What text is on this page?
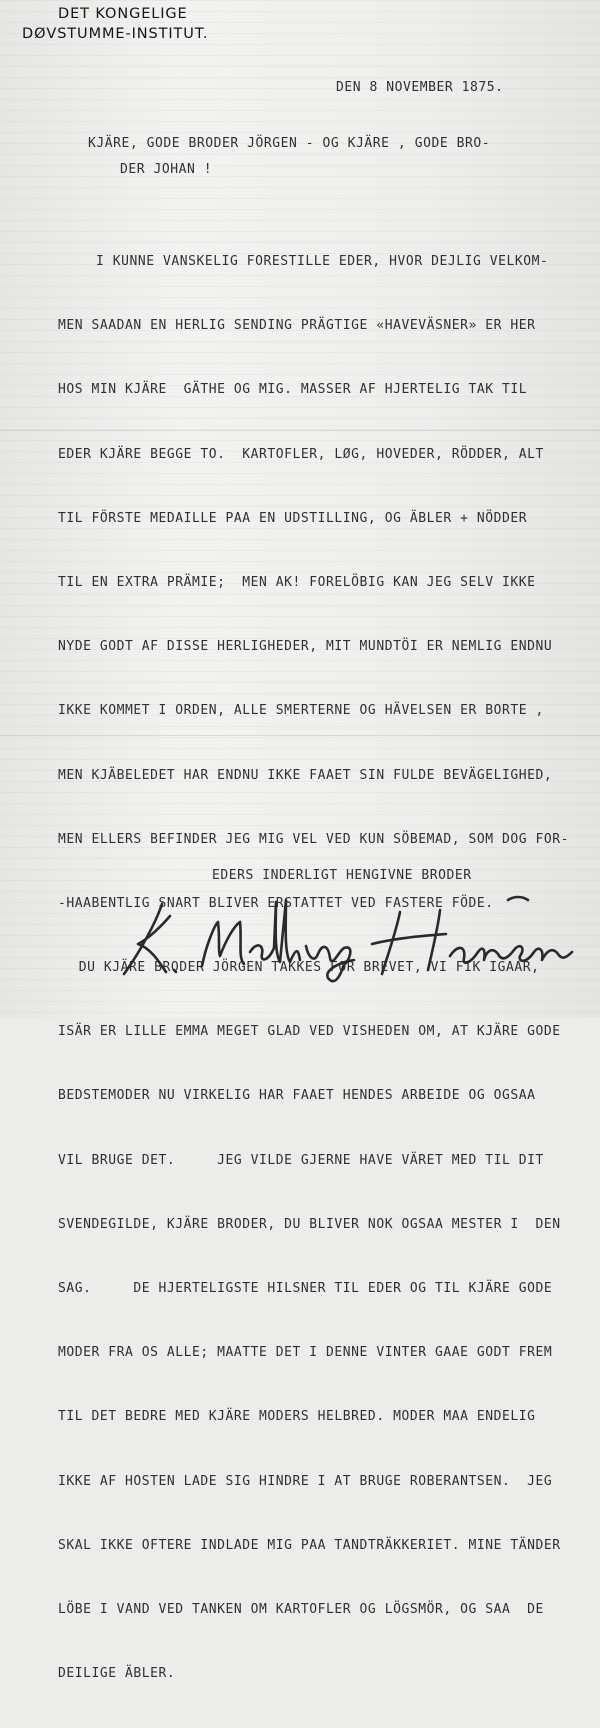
DET KONGELIGE
DØVSTUMME-INSTITUT.
DEN 8 NOVEMBER 1875.
KJÄRE, GODE BRODER JÖRGEN - OG KJÄRE , GODE BRO-
DER JOHAN !

I KUNNE VANSKELIG FORESTILLE EDER, HVOR DEJLIG VELKOM-

MEN SAADAN EN HERLIG SENDING PRÄGTIGE «HAVEVÄSNER» ER HER

HOS MIN KJÄRE  GÄTHE OG MIG. MASSER AF HJERTELIG TAK TIL

EDER KJÄRE BEGGE TO.  KARTOFLER, LØG, HOVEDER, RÖDDER, ALT

TIL FÖRSTE MEDAILLE PAA EN UDSTILLING, OG ÄBLER + NÖDDER

TIL EN EXTRA PRÄMIE;  MEN AK! FORELÖBIG KAN JEG SELV IKKE

NYDE GODT AF DISSE HERLIGHEDER, MIT MUNDTÖI ER NEMLIG ENDNU

IKKE KOMMET I ORDEN, ALLE SMERTERNE OG HÄVELSEN ER BORTE ,

MEN KJÄBELEDET HAR ENDNU IKKE FAAET SIN FULDE BEVÄGELIGHED,

MEN ELLERS BEFINDER JEG MIG VEL VED KUN SÖBEMAD, SOM DOG FOR-

-HAABENTLIG SNART BLIVER ERSTATTET VED FASTERE FÖDE.

DU KJÄRE BRODER JÖRGEN TAKKES FOR BREVET, VI FIK IGAAR,

ISÄR ER LILLE EMMA MEGET GLAD VED VISHEDEN OM, AT KJÄRE GODE

BEDSTEMODER NU VIRKELIG HAR FAAET HENDES ARBEIDE OG OGSAA

VIL BRUGE DET.     JEG VILDE GJERNE HAVE VÄRET MED TIL DIT

SVENDEGILDE, KJÄRE BRODER, DU BLIVER NOK OGSAA MESTER I  DEN

SAG.     DE HJERTELIGSTE HILSNER TIL EDER OG TIL KJÄRE GODE

MODER FRA OS ALLE; MAATTE DET I DENNE VINTER GAAE GODT FREM

TIL DET BEDRE MED KJÄRE MODERS HELBRED. MODER MAA ENDELIG

IKKE AF HOSTEN LADE SIG HINDRE I AT BRUGE ROBERANTSEN.  JEG

SKAL IKKE OFTERE INDLADE MIG PAA TANDTRÄKKERIET. MINE TÄNDER

LÖBE I VAND VED TANKEN OM KARTOFLER OG LÖGSMÖR, OG SAA  DE

DEILIGE ÄBLER.

EDERS INDERLIGT HENGIVNE BRODER
